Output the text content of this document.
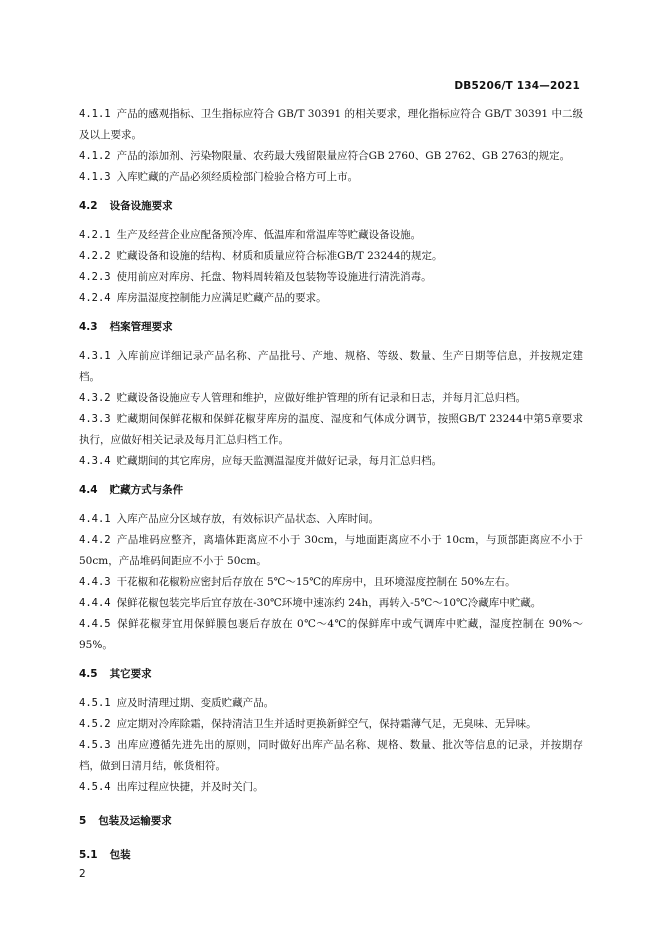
DB5206/T 134—2021
4.1.1 产品的感观指标、卫生指标应符合 GB/T 30391 的相关要求，理化指标应符合 GB/T 30391 中二级及以上要求。
4.1.2 产品的添加剂、污染物限量、农药最大残留限量应符合GB 2760、GB 2762、GB 2763的规定。
4.1.3 入库贮藏的产品必须经质检部门检验合格方可上市。
4.2 设备设施要求
4.2.1 生产及经营企业应配备预冷库、低温库和常温库等贮藏设备设施。
4.2.2 贮藏设备和设施的结构、材质和质量应符合标准GB/T 23244的规定。
4.2.3 使用前应对库房、托盘、物料周转箱及包装物等设施进行清洗消毒。
4.2.4 库房温湿度控制能力应满足贮藏产品的要求。
4.3 档案管理要求
4.3.1 入库前应详细记录产品名称、产品批号、产地、规格、等级、数量、生产日期等信息，并按规定建档。
4.3.2 贮藏设备设施应专人管理和维护，应做好维护管理的所有记录和日志，并每月汇总归档。
4.3.3 贮藏期间保鲜花椒和保鲜花椒芽库房的温度、湿度和气体成分调节，按照GB/T 23244中第5章要求执行，应做好相关记录及每月汇总归档工作。
4.3.4 贮藏期间的其它库房，应每天监测温湿度并做好记录，每月汇总归档。
4.4 贮藏方式与条件
4.4.1 入库产品应分区域存放，有效标识产品状态、入库时间。
4.4.2 产品堆码应整齐，离墙体距离应不小于 30cm，与地面距离应不小于 10cm，与顶部距离应不小于 50cm，产品堆码间距应不小于 50cm。
4.4.3 干花椒和花椒粉应密封后存放在 5℃～15℃的库房中，且环境湿度控制在 50%左右。
4.4.4 保鲜花椒包装完毕后宜存放在-30℃环境中速冻约 24h，再转入-5℃～10℃冷藏库中贮藏。
4.4.5 保鲜花椒芽宜用保鲜膜包裹后存放在 0℃～4℃的保鲜库中或气调库中贮藏，湿度控制在 90%～95%。
4.5 其它要求
4.5.1 应及时清理过期、变质贮藏产品。
4.5.2 应定期对冷库除霜，保持清洁卫生并适时更换新鲜空气，保持霜薄气足，无臭味、无异味。
4.5.3 出库应遵循先进先出的原则，同时做好出库产品名称、规格、数量、批次等信息的记录，并按期存档，做到日清月结，帐货相符。
4.5.4 出库过程应快捷，并及时关门。
5 包装及运输要求
5.1 包装
2
